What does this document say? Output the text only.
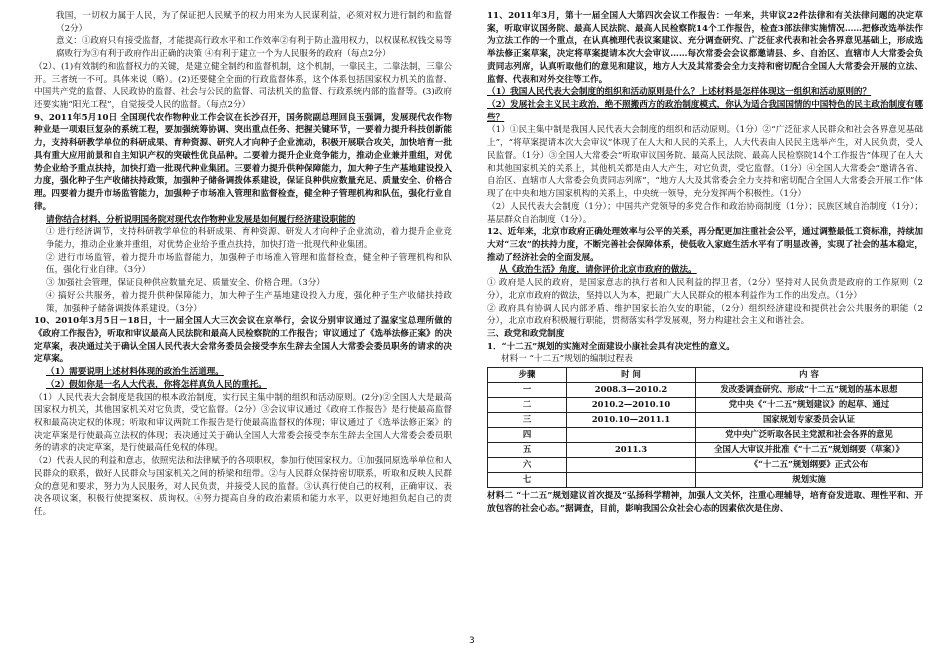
我国，一切权力属于人民，为了保证把人民赋予的权力用来为人民谋利益，必须对权力进行制约和监督（2分）

意义：①政府只有接受监督，才能提高行政水平和工作效率②有利于防止滥用权力，以权谋私权钱交易等腐败行为③有利于政府作出正确的决策 ④有利于建立一个为人民服务的政府（每点2分）

（2）、(1)有效制约和监督权力的关键，是建立健全制约和监督机制，这个机制，一靠民主，二靠法制，三靠公开。三者统一不可。具体来说（略）。(2)还要健全全面的行政监督体系，这个体系包括国家权力机关的监督、中国共产党的监督、人民政协的监督、社会与公民的监督、司法机关的监督、行政系统内部的监督等。(3)政府还要实施“阳光工程”，自觉接受人民的监督。（每点2分）

9、2011年5月10日 全国现代农作物种业工作会议在长沙召开，国务院副总理回良玉强调，发展现代农作物种业是一项艰巨复杂的系统工程，要加强统筹协调、突出重点任务、把握关键环节，一要着力提升科技创新能力，支持科研教学单位的科研成果、育种资源、研究人才向种子企业流动，积极开展联合攻关，加快培育一批具有重大应用前景和自主知识产权的突破性优良品种。二要着力提升企业竞争能力，推动企业兼并重组，对优势企业给予重点扶持，加快打造一批现代种业集团。三要着力提升供种保障能力，加大种子生产基地建设投入力度，强化种子生产收储扶持政策，加强种子储备调拨体系建设，保证良种供应数量充足、质量安全、价格合理。四要着力提升市场监管能力，加强种子市场准入管理和监督检查，健全种子管理机构和队伍，强化行业自律。

请你结合材料，分析说明国务院对现代农作物种业发展是如何履行经济建设职能的

① 进行经济调节，支持科研教学单位的科研成果、育种资源、研发人才向种子企业流动，着力提升企业竞争能力，推动企业兼并重组，对优势企业给予重点扶持，加快打造一批现代种业集团。

② 进行市场监管，着力提升市场监督能力，加强种子市场准入管理和监督检查，健全种子管理机构和队伍，强化行业自律。（3分）

③ 加强社会管理，保证良种供应数量充足、质量安全、价格合理。（3分）

④ 搞好公共服务，着力提升供种保障能力，加大种子生产基地建设投入力度，强化种子生产收储扶持政策，加强种子储备调拨体系建设。（3分）

10、2010年3月5日－18日，十一届全国人大三次会议在京举行，会议分别审议通过了温家宝总理所做的《政府工作报告》，听取和审议最高人民法院和最高人民检察院的工作报告；审议通过了《选举法修正案》的决定草案，表决通过关于确认全国人民代表大会常务委员会接受李东生辞去全国人大常委会委员职务的请求的决定草案。

（1）需要说明上述材料体现的政治生活道理。

（2）假如你是一名人大代表，你将怎样真负人民的重托。

（1）人民代表大会制度是我国的根本政治制度，实行民主集中制的组织和活动原则。(2分)②全国人大是最高国家权力机关，其他国家机关对它负责，受它监督。（2分）③会议审议通过《政府工作报告》是行使最高监督权和最高决定权的体现；听取和审议两院工作报告是行使最高监督权的体现；审议通过了《选举法修正案》的决定草案是行使最高立法权的体现；表决通过关于确认全国人大常委会接受李东生辞去全国人大常委会委员职务的请求的决定草案，是行使最高任免权的体现。

（2）代表人民的利益和意志，依照宪法和法律赋予的各项职权，参加行使国家权力。①加强同原选举单位和人民群众的联系，做好人民群众与国家机关之间的桥梁和纽带。②与人民群众保持密切联系，听取和反映人民群众的意见和要求，努力为人民服务，对人民负责，并接受人民的监督。③认真行使自己的权利，正确审议、表决各项议案，积极行使提案权、质询权。④努力提高自身的政治素质和能力水平，以更好地担负起自己的责任。

11、2011年3月，第十一届全国人大第四次会议工作报告：一年来，共审议22件法律和有关法律问题的决定草案，听取审议国务院、最高人民法院、最高人民检察院14个工作报告，检查3部法律实施情况……把修改选举法作为立法工作的一个重点，在认真梳理代表议案建议、充分调查研究、广泛征求代表和社会各界意见基础上，形成选举法修正案草案，决定将草案提请本次大会审议……每次常委会会议都邀请县、乡、自治区、直辖市人大常委会负责同志列席，认真听取他们的意见和建议，地方人大及其常委会全力支持和密切配合全国人大常委会开展的立法、监督、代表和对外交往等工作。

（1）我国人民代表大会制度的组织和活动原则是什么？上述材料是怎样体现这一组织和活动原则的？

（2）发展社会主义民主政治，绝不照搬西方的政治制度模式，你认为适合我国国情的中国特色的民主政治制度有哪些？

（1）①民主集中制是我国人民代表大会制度的组织和活动原则。（1分）②“广泛征求人民群众和社会各界意见基础上”，“将草案提请本次大会审议”体现了在人大和人民的关系上，人大代表由人民民主选举产生，对人民负责，受人民监督。（1分）③全国人大常委会“听取审议国务院、最高人民法院、最高人民检察院14个工作报告”体现了在人大和其他国家机关的关系上，其他机关都是由人大产生，对它负责，受它监督。（1分）④全国人大常委会“邀请各省、自治区、直辖市人大常委会负责同志列席”，“地方人大及其常委会全力支持和密切配合全国人大常委会开展工作”体现了在中央和地方国家机构的关系上，中央统一领导，充分发挥两个积极性。（1分）

（2）人民代表大会制度（1分）；中国共产党领导的多党合作和政治协商制度（1分）；民族区域自治制度（1分）；基层群众自治制度（1分）。

12、近年来，北京市政府正确处理效率与公平的关系，再分配更加注重社会公平，通过调整最低工资标准，持续加大对“三农”的扶持力度，不断完善社会保障体系，使低收入家庭生活水平有了明显改善，实现了社会的基本稳定，推动了经济社会的全面发展。

从《政治生活》角度，请你评价北京市政府的做法。

① 政府是人民的政府，是国家意志的执行者和人民利益的捍卫者，（2分）坚持对人民负责是政府的工作原则（2分），北京市政府的做法，坚持以人为本，把最广大人民群众的根本利益作为工作的出发点。（1分）

② 政府具有协调人民内部矛盾、维护国家长治久安的职能，（2分）组织经济建设和提供社会公共服务的职能（2分），北京市政府积极履行职能，贯彻落实科学发展观，努力构建社会主义和谐社会。

三、政党和政党制度

1．“十二五”规划的实施对全面建设小康社会具有决定性的意义。

材料一 “十二五”规划的编制过程表

步骤	时 间	内 容
一	2008.3—2010.2	发改委调查研究、形成“十二五”规划的基本思想
二	2010.2—2010.10	党中央《“十二五”规划建议》的起草、通过
三	2010.10—2011.1	国家规划专家委员会认证
四		党中央广泛听取各民主党派和社会各界的意见
五	2011.3	全国人大审议并批准《“十二五”规划纲要（草案）》
六		《“十二五”规划纲要》正式公布
七		规划实施

材料二 “十二五”规划建议首次提及“弘扬科学精神，加强人文关怀，注重心理辅导，培育奋发进取、理性平和、开放包容的社会心态。”据调查，目前，影响我国公众社会心态的因素依次是住房、

3
